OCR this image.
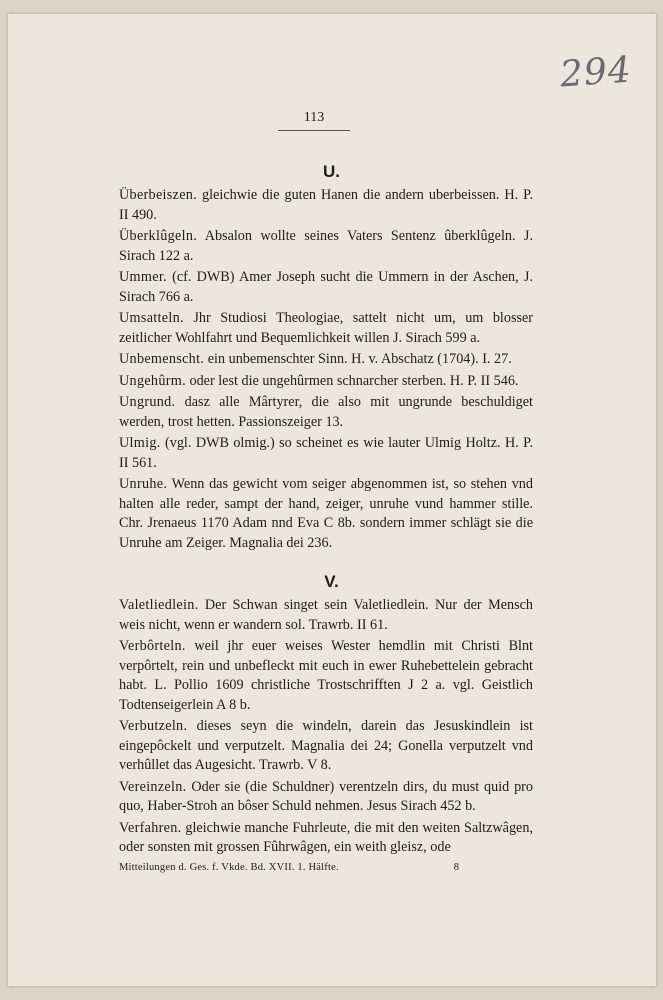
294
113
U.
Überbeiszen. gleichwie die guten Hanen die andern uberbeissen. H. P. II 490.
Überklûgeln. Absalon wollte seines Vaters Sentenz ûberklûgeln. J. Sirach 122 a.
Ummer. (cf. DWB) Amer Joseph sucht die Ummern in der Aschen, J. Sirach 766 a.
Umsatteln. Jhr Studiosi Theologiae, sattelt nicht um, um blosser zeitlicher Wohlfahrt und Bequemlichkeit willen J. Sirach 599 a.
Unbemenscht. ein unbemenschter Sinn. H. v. Abschatz (1704). I. 27.
Ungehûrm. oder lest die ungehûrmen schnarcher sterben. H. P. II 546.
Ungrund. dasz alle Mârtyrer, die also mit ungrunde beschuldiget werden, trost hetten. Passionszeiger 13.
Ulmig. (vgl. DWB olmig.) so scheinet es wie lauter Ulmig Holtz. H. P. II 561.
Unruhe. Wenn das gewicht vom seiger abgenommen ist, so stehen vnd halten alle reder, sampt der hand, zeiger, unruhe vund hammer stille. Chr. Jrenaeus 1170 Adam nnd Eva C 8b. sondern immer schlägt sie die Unruhe am Zeiger. Magnalia dei 236.
V.
Valetliedlein. Der Schwan singet sein Valetliedlein. Nur der Mensch weis nicht, wenn er wandern sol. Trawrb. II 61.
Verbôrteln. weil jhr euer weises Wester hemdlin mit Christi Blnt verpôrtelt, rein und unbefleckt mit euch in ewer Ruhebettelein gebracht habt. L. Pollio 1609 christliche Trostschrifften J 2 a. vgl. Geistlich Todtenseigerlein A 8 b.
Verbutzeln. dieses seyn die windeln, darein das Jesuskindlein ist eingepôckelt und verputzelt. Magnalia dei 24; Gonella verputzelt vnd verhûllet das Augesicht. Trawrb. V 8.
Vereinzeln. Oder sie (die Schuldner) verentzeln dirs, du must quid pro quo, Haber-Stroh an bôser Schuld nehmen. Jesus Sirach 452 b.
Verfahren. gleichwie manche Fuhrleute, die mit den weiten Saltzwâgen, oder sonsten mit grossen Fûhrwâgen, ein weith gleisz, ode
Mitteilungen d. Ges. f. Vkde. Bd. XVII. 1. Hälfte.	8
